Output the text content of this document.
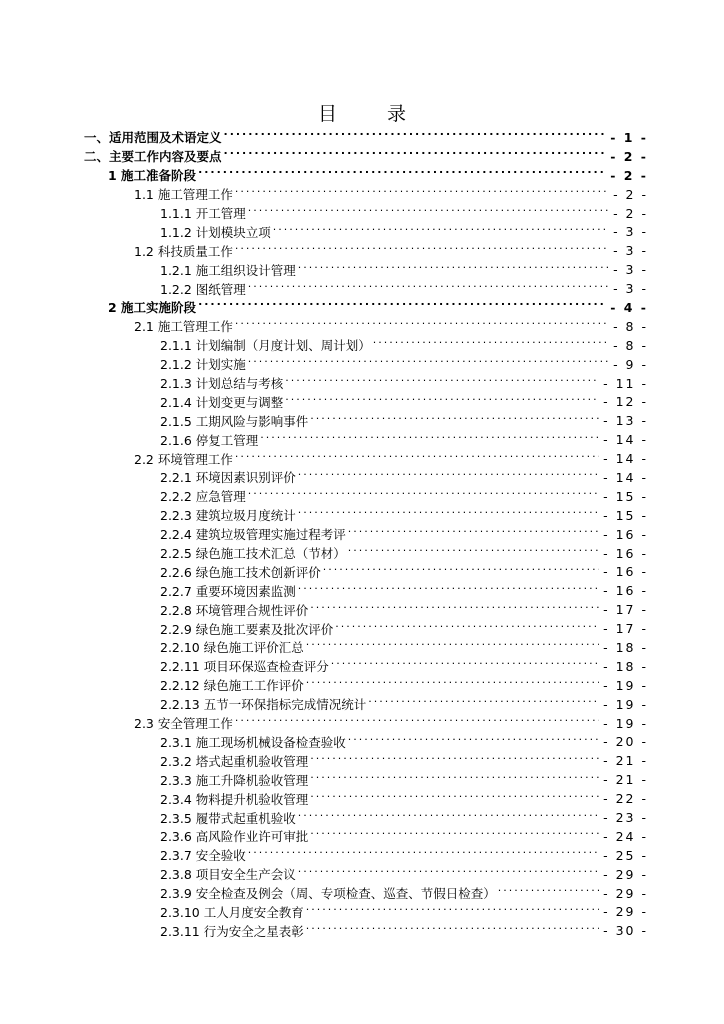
目 录
一、适用范围及术语定义 .....	- 1 -
二、主要工作内容及要点 .....	- 2 -
1 施工准备阶段 .....	- 2 -
1.1 施工管理工作 .....	- 2 -
1.1.1 开工管理 .....	- 2 -
1.1.2 计划模块立项 .....	- 3 -
1.2 科技质量工作 .....	- 3 -
1.2.1 施工组织设计管理 .....	- 3 -
1.2.2 图纸管理 .....	- 3 -
2 施工实施阶段 .....	- 4 -
2.1 施工管理工作 .....	- 8 -
2.1.1 计划编制（月度计划、周计划） .....	- 8 -
2.1.2 计划实施 .....	- 9 -
2.1.3 计划总结与考核 .....	- 11 -
2.1.4 计划变更与调整 .....	- 12 -
2.1.5 工期风险与影响事件 .....	- 13 -
2.1.6 停复工管理 .....	- 14 -
2.2 环境管理工作 .....	- 14 -
2.2.1 环境因素识别评价 .....	- 14 -
2.2.2 应急管理 .....	- 15 -
2.2.3 建筑垃圾月度统计 .....	- 15 -
2.2.4 建筑垃圾管理实施过程考评 .....	- 16 -
2.2.5 绿色施工技术汇总（节材） .....	- 16 -
2.2.6 绿色施工技术创新评价 .....	- 16 -
2.2.7 重要环境因素监测 .....	- 16 -
2.2.8 环境管理合规性评价 .....	- 17 -
2.2.9 绿色施工要素及批次评价 .....	- 17 -
2.2.10 绿色施工评价汇总 .....	- 18 -
2.2.11 项目环保巡查检查评分 .....	- 18 -
2.2.12 绿色施工工作评价 .....	- 19 -
2.2.13 五节一环保指标完成情况统计 .....	- 19 -
2.3 安全管理工作 .....	- 19 -
2.3.1 施工现场机械设备检查验收 .....	- 20 -
2.3.2 塔式起重机验收管理 .....	- 21 -
2.3.3 施工升降机验收管理 .....	- 21 -
2.3.4 物料提升机验收管理 .....	- 22 -
2.3.5 履带式起重机验收 .....	- 23 -
2.3.6 高风险作业许可审批 .....	- 24 -
2.3.7 安全验收 .....	- 25 -
2.3.8 项目安全生产会议 .....	- 29 -
2.3.9 安全检查及例会（周、专项检查、巡查、节假日检查） .....	- 29 -
2.3.10 工人月度安全教育 .....	- 29 -
2.3.11 行为安全之星表彰 .....	- 30 -
